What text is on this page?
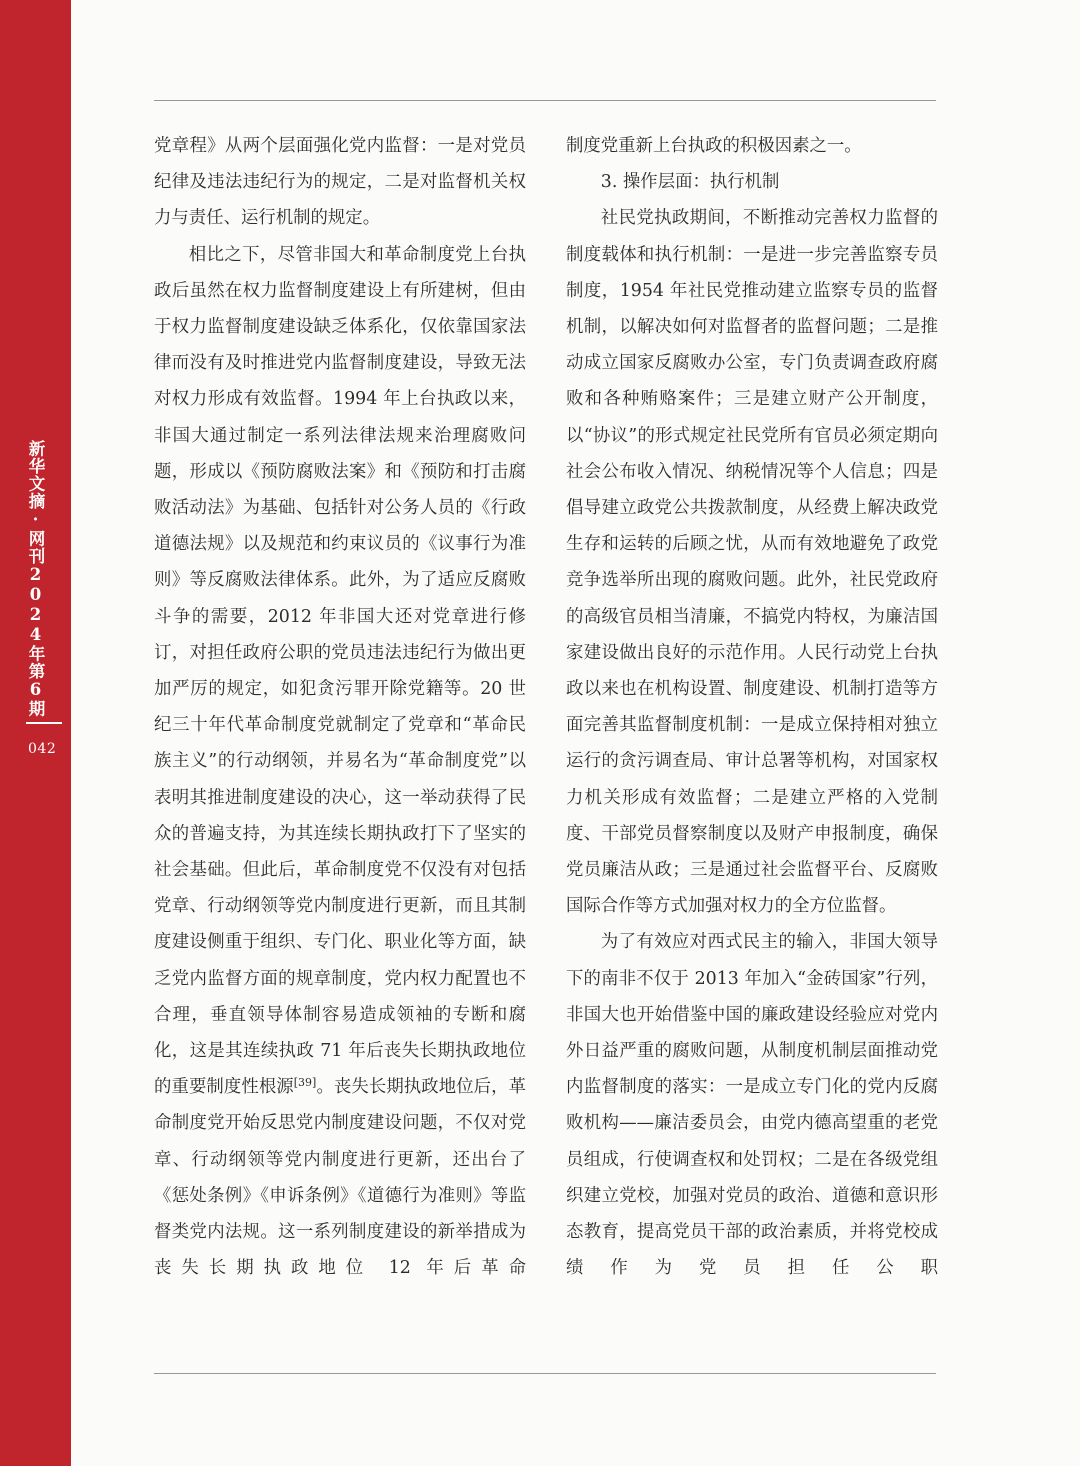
新华文摘·网刊2024年第6期
042

党章程》从两个层面强化党内监督：一是对党员纪律及违法违纪行为的规定，二是对监督机关权力与责任、运行机制的规定。

相比之下，尽管非国大和革命制度党上台执政后虽然在权力监督制度建设上有所建树，但由于权力监督制度建设缺乏体系化，仅依靠国家法律而没有及时推进党内监督制度建设，导致无法对权力形成有效监督。1994 年上台执政以来，非国大通过制定一系列法律法规来治理腐败问题，形成以《预防腐败法案》和《预防和打击腐败活动法》为基础、包括针对公务人员的《行政道德法规》以及规范和约束议员的《议事行为准则》等反腐败法律体系。此外，为了适应反腐败斗争的需要，2012 年非国大还对党章进行修订，对担任政府公职的党员违法违纪行为做出更加严厉的规定，如犯贪污罪开除党籍等。20 世纪三十年代革命制度党就制定了党章和“革命民族主义”的行动纲领，并易名为“革命制度党”以表明其推进制度建设的决心，这一举动获得了民众的普遍支持，为其连续长期执政打下了坚实的社会基础。但此后，革命制度党不仅没有对包括党章、行动纲领等党内制度进行更新，而且其制度建设侧重于组织、专门化、职业化等方面，缺乏党内监督方面的规章制度，党内权力配置也不合理，垂直领导体制容易造成领袖的专断和腐化，这是其连续执政 71 年后丧失长期执政地位的重要制度性根源[39]。丧失长期执政地位后，革命制度党开始反思党内制度建设问题，不仅对党章、行动纲领等党内制度进行更新，还出台了《惩处条例》《申诉条例》《道德行为准则》等监督类党内法规。这一系列制度建设的新举措成为丧失长期执政地位 12 年后革命

制度党重新上台执政的积极因素之一。

3. 操作层面：执行机制

社民党执政期间，不断推动完善权力监督的制度载体和执行机制：一是进一步完善监察专员制度，1954 年社民党推动建立监察专员的监督机制，以解决如何对监督者的监督问题；二是推动成立国家反腐败办公室，专门负责调查政府腐败和各种贿赂案件；三是建立财产公开制度，以“协议”的形式规定社民党所有官员必须定期向社会公布收入情况、纳税情况等个人信息；四是倡导建立政党公共拨款制度，从经费上解决政党生存和运转的后顾之忧，从而有效地避免了政党竞争选举所出现的腐败问题。此外，社民党政府的高级官员相当清廉，不搞党内特权，为廉洁国家建设做出良好的示范作用。人民行动党上台执政以来也在机构设置、制度建设、机制打造等方面完善其监督制度机制：一是成立保持相对独立运行的贪污调查局、审计总署等机构，对国家权力机关形成有效监督；二是建立严格的入党制度、干部党员督察制度以及财产申报制度，确保党员廉洁从政；三是通过社会监督平台、反腐败国际合作等方式加强对权力的全方位监督。

为了有效应对西式民主的输入，非国大领导下的南非不仅于 2013 年加入“金砖国家”行列，非国大也开始借鉴中国的廉政建设经验应对党内外日益严重的腐败问题，从制度机制层面推动党内监督制度的落实：一是成立专门化的党内反腐败机构——廉洁委员会，由党内德高望重的老党员组成，行使调查权和处罚权；二是在各级党组织建立党校，加强对党员的政治、道德和意识形态教育，提高党员干部的政治素质，并将党校成绩作为党员担任公职
